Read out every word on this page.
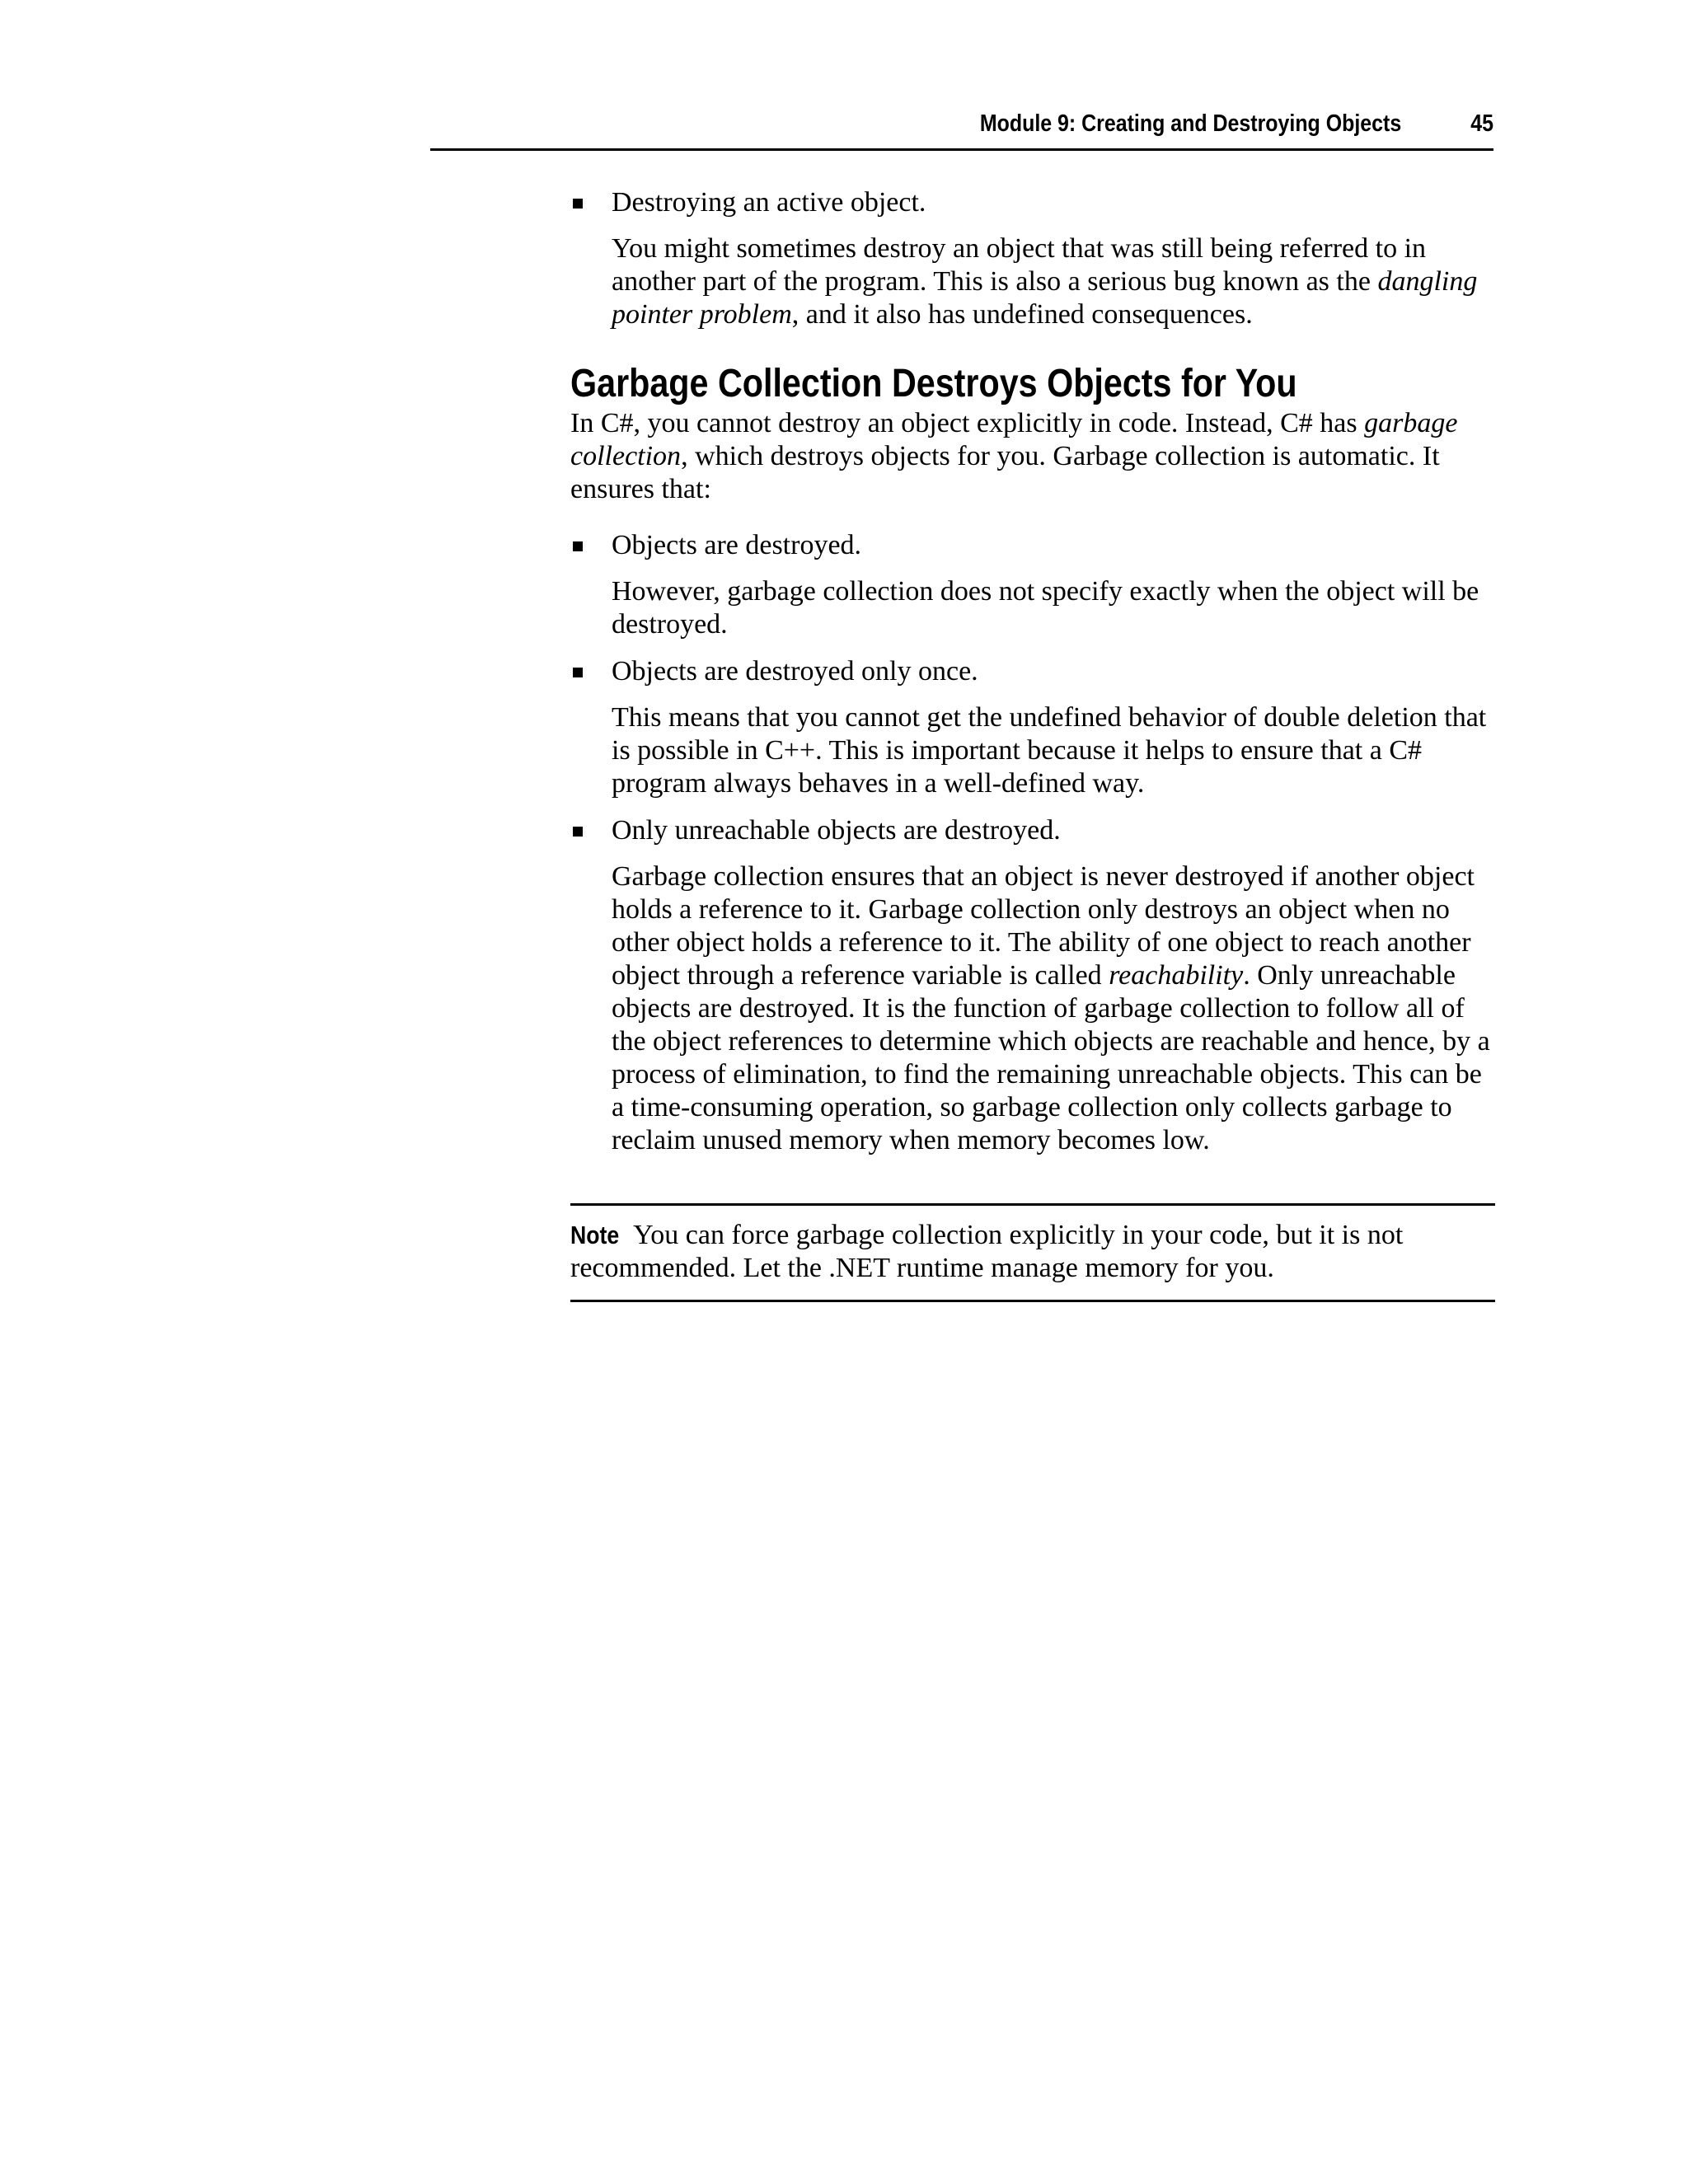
Module 9: Creating and Destroying Objects	45

Destroying an active object.

You might sometimes destroy an object that was still being referred to in another part of the program. This is also a serious bug known as the dangling pointer problem, and it also has undefined consequences.

Garbage Collection Destroys Objects for You

In C#, you cannot destroy an object explicitly in code. Instead, C# has garbage collection, which destroys objects for you. Garbage collection is automatic. It ensures that:

Objects are destroyed.

However, garbage collection does not specify exactly when the object will be destroyed.

Objects are destroyed only once.

This means that you cannot get the undefined behavior of double deletion that is possible in C++. This is important because it helps to ensure that a C# program always behaves in a well-defined way.

Only unreachable objects are destroyed.

Garbage collection ensures that an object is never destroyed if another object holds a reference to it. Garbage collection only destroys an object when no other object holds a reference to it. The ability of one object to reach another object through a reference variable is called reachability. Only unreachable objects are destroyed. It is the function of garbage collection to follow all of the object references to determine which objects are reachable and hence, by a process of elimination, to find the remaining unreachable objects. This can be a time-consuming operation, so garbage collection only collects garbage to reclaim unused memory when memory becomes low.

Note You can force garbage collection explicitly in your code, but it is not recommended. Let the .NET runtime manage memory for you.
